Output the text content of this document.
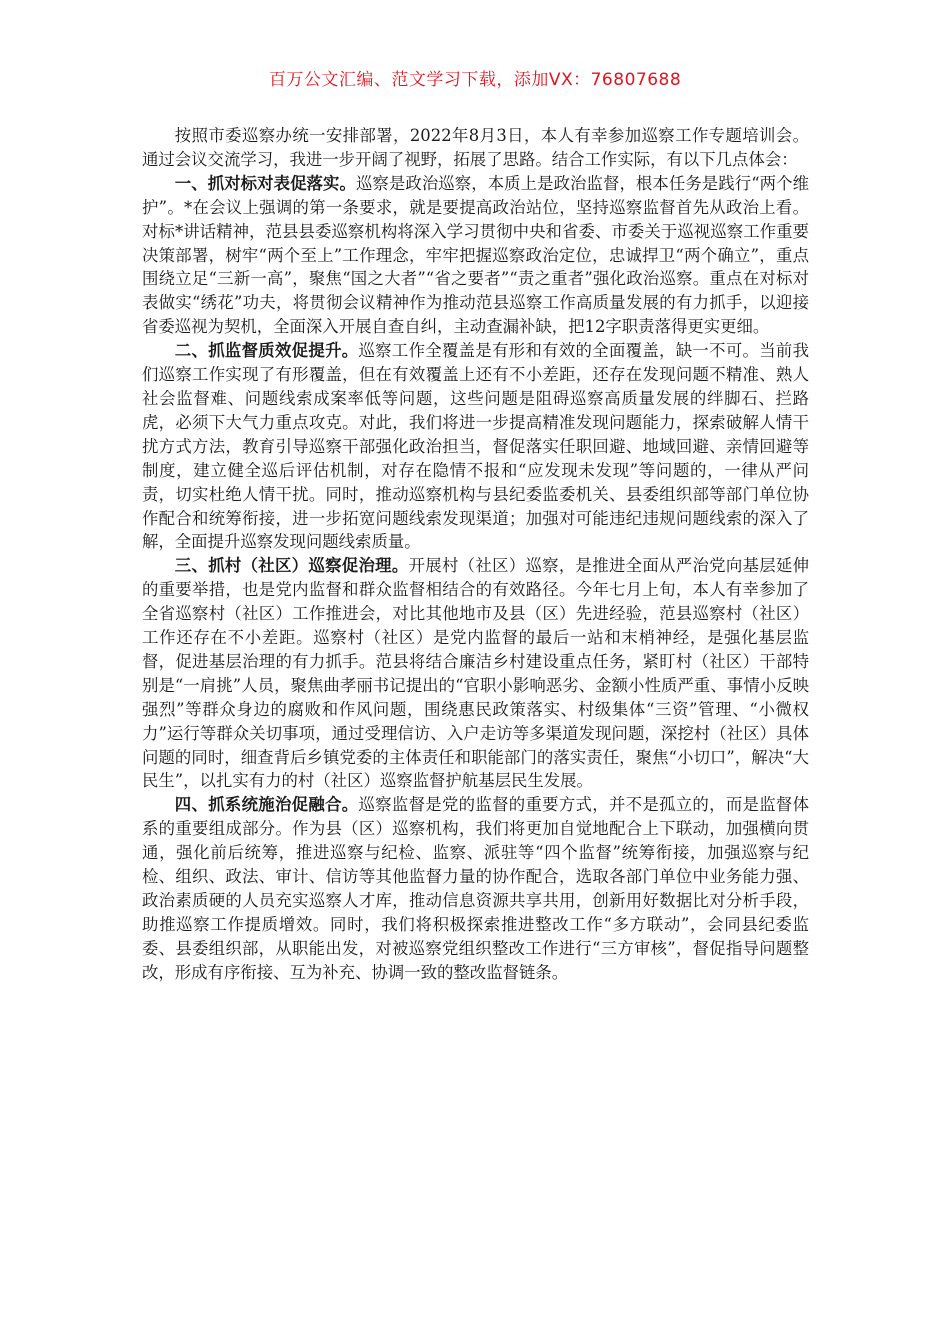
百万公文汇编、范文学习下载，添加VX：76807688

按照市委巡察办统一安排部署，2022年8月3日，本人有幸参加巡察工作专题培训会。通过会议交流学习，我进一步开阔了视野，拓展了思路。结合工作实际，有以下几点体会：

一、抓对标对表促落实。巡察是政治巡察，本质上是政治监督，根本任务是践行“两个维护”。*在会议上强调的第一条要求，就是要提高政治站位，坚持巡察监督首先从政治上看。对标*讲话精神，范县县委巡察机构将深入学习贯彻中央和省委、市委关于巡视巡察工作重要决策部署，树牢“两个至上”工作理念，牢牢把握巡察政治定位，忠诚捍卫“两个确立”，重点围绕立足“三新一高”，聚焦“国之大者”“省之要者”“责之重者”强化政治巡察。重点在对标对表做实“绣花”功夫，将贯彻会议精神作为推动范县巡察工作高质量发展的有力抓手，以迎接省委巡视为契机，全面深入开展自查自纠，主动查漏补缺，把12字职责落得更实更细。

二、抓监督质效促提升。巡察工作全覆盖是有形和有效的全面覆盖，缺一不可。当前我们巡察工作实现了有形覆盖，但在有效覆盖上还有不小差距，还存在发现问题不精准、熟人社会监督难、问题线索成案率低等问题，这些问题是阻碍巡察高质量发展的绊脚石、拦路虎，必须下大气力重点攻克。对此，我们将进一步提高精准发现问题能力，探索破解人情干扰方式方法，教育引导巡察干部强化政治担当，督促落实任职回避、地域回避、亲情回避等制度，建立健全巡后评估机制，对存在隐情不报和“应发现未发现”等问题的，一律从严问责，切实杜绝人情干扰。同时，推动巡察机构与县纪委监委机关、县委组织部等部门单位协作配合和统筹衔接，进一步拓宽问题线索发现渠道；加强对可能违纪违规问题线索的深入了解，全面提升巡察发现问题线索质量。

三、抓村（社区）巡察促治理。开展村（社区）巡察，是推进全面从严治党向基层延伸的重要举措，也是党内监督和群众监督相结合的有效路径。今年七月上旬，本人有幸参加了全省巡察村（社区）工作推进会，对比其他地市及县（区）先进经验，范县巡察村（社区）工作还存在不小差距。巡察村（社区）是党内监督的最后一站和末梢神经，是强化基层监督，促进基层治理的有力抓手。范县将结合廉洁乡村建设重点任务，紧盯村（社区）干部特别是“一肩挑”人员，聚焦曲孝丽书记提出的“官职小影响恶劣、金额小性质严重、事情小反映强烈”等群众身边的腐败和作风问题，围绕惠民政策落实、村级集体“三资”管理、“小微权力”运行等群众关切事项，通过受理信访、入户走访等多渠道发现问题，深挖村（社区）具体问题的同时，细查背后乡镇党委的主体责任和职能部门的落实责任，聚焦“小切口”，解决“大民生”，以扎实有力的村（社区）巡察监督护航基层民生发展。

四、抓系统施治促融合。巡察监督是党的监督的重要方式，并不是孤立的，而是监督体系的重要组成部分。作为县（区）巡察机构，我们将更加自觉地配合上下联动，加强横向贯通，强化前后统筹，推进巡察与纪检、监察、派驻等“四个监督”统筹衔接，加强巡察与纪检、组织、政法、审计、信访等其他监督力量的协作配合，选取各部门单位中业务能力强、政治素质硬的人员充实巡察人才库，推动信息资源共享共用，创新用好数据比对分析手段，助推巡察工作提质增效。同时，我们将积极探索推进整改工作“多方联动”，会同县纪委监委、县委组织部，从职能出发，对被巡察党组织整改工作进行“三方审核”，督促指导问题整改，形成有序衔接、互为补充、协调一致的整改监督链条。
